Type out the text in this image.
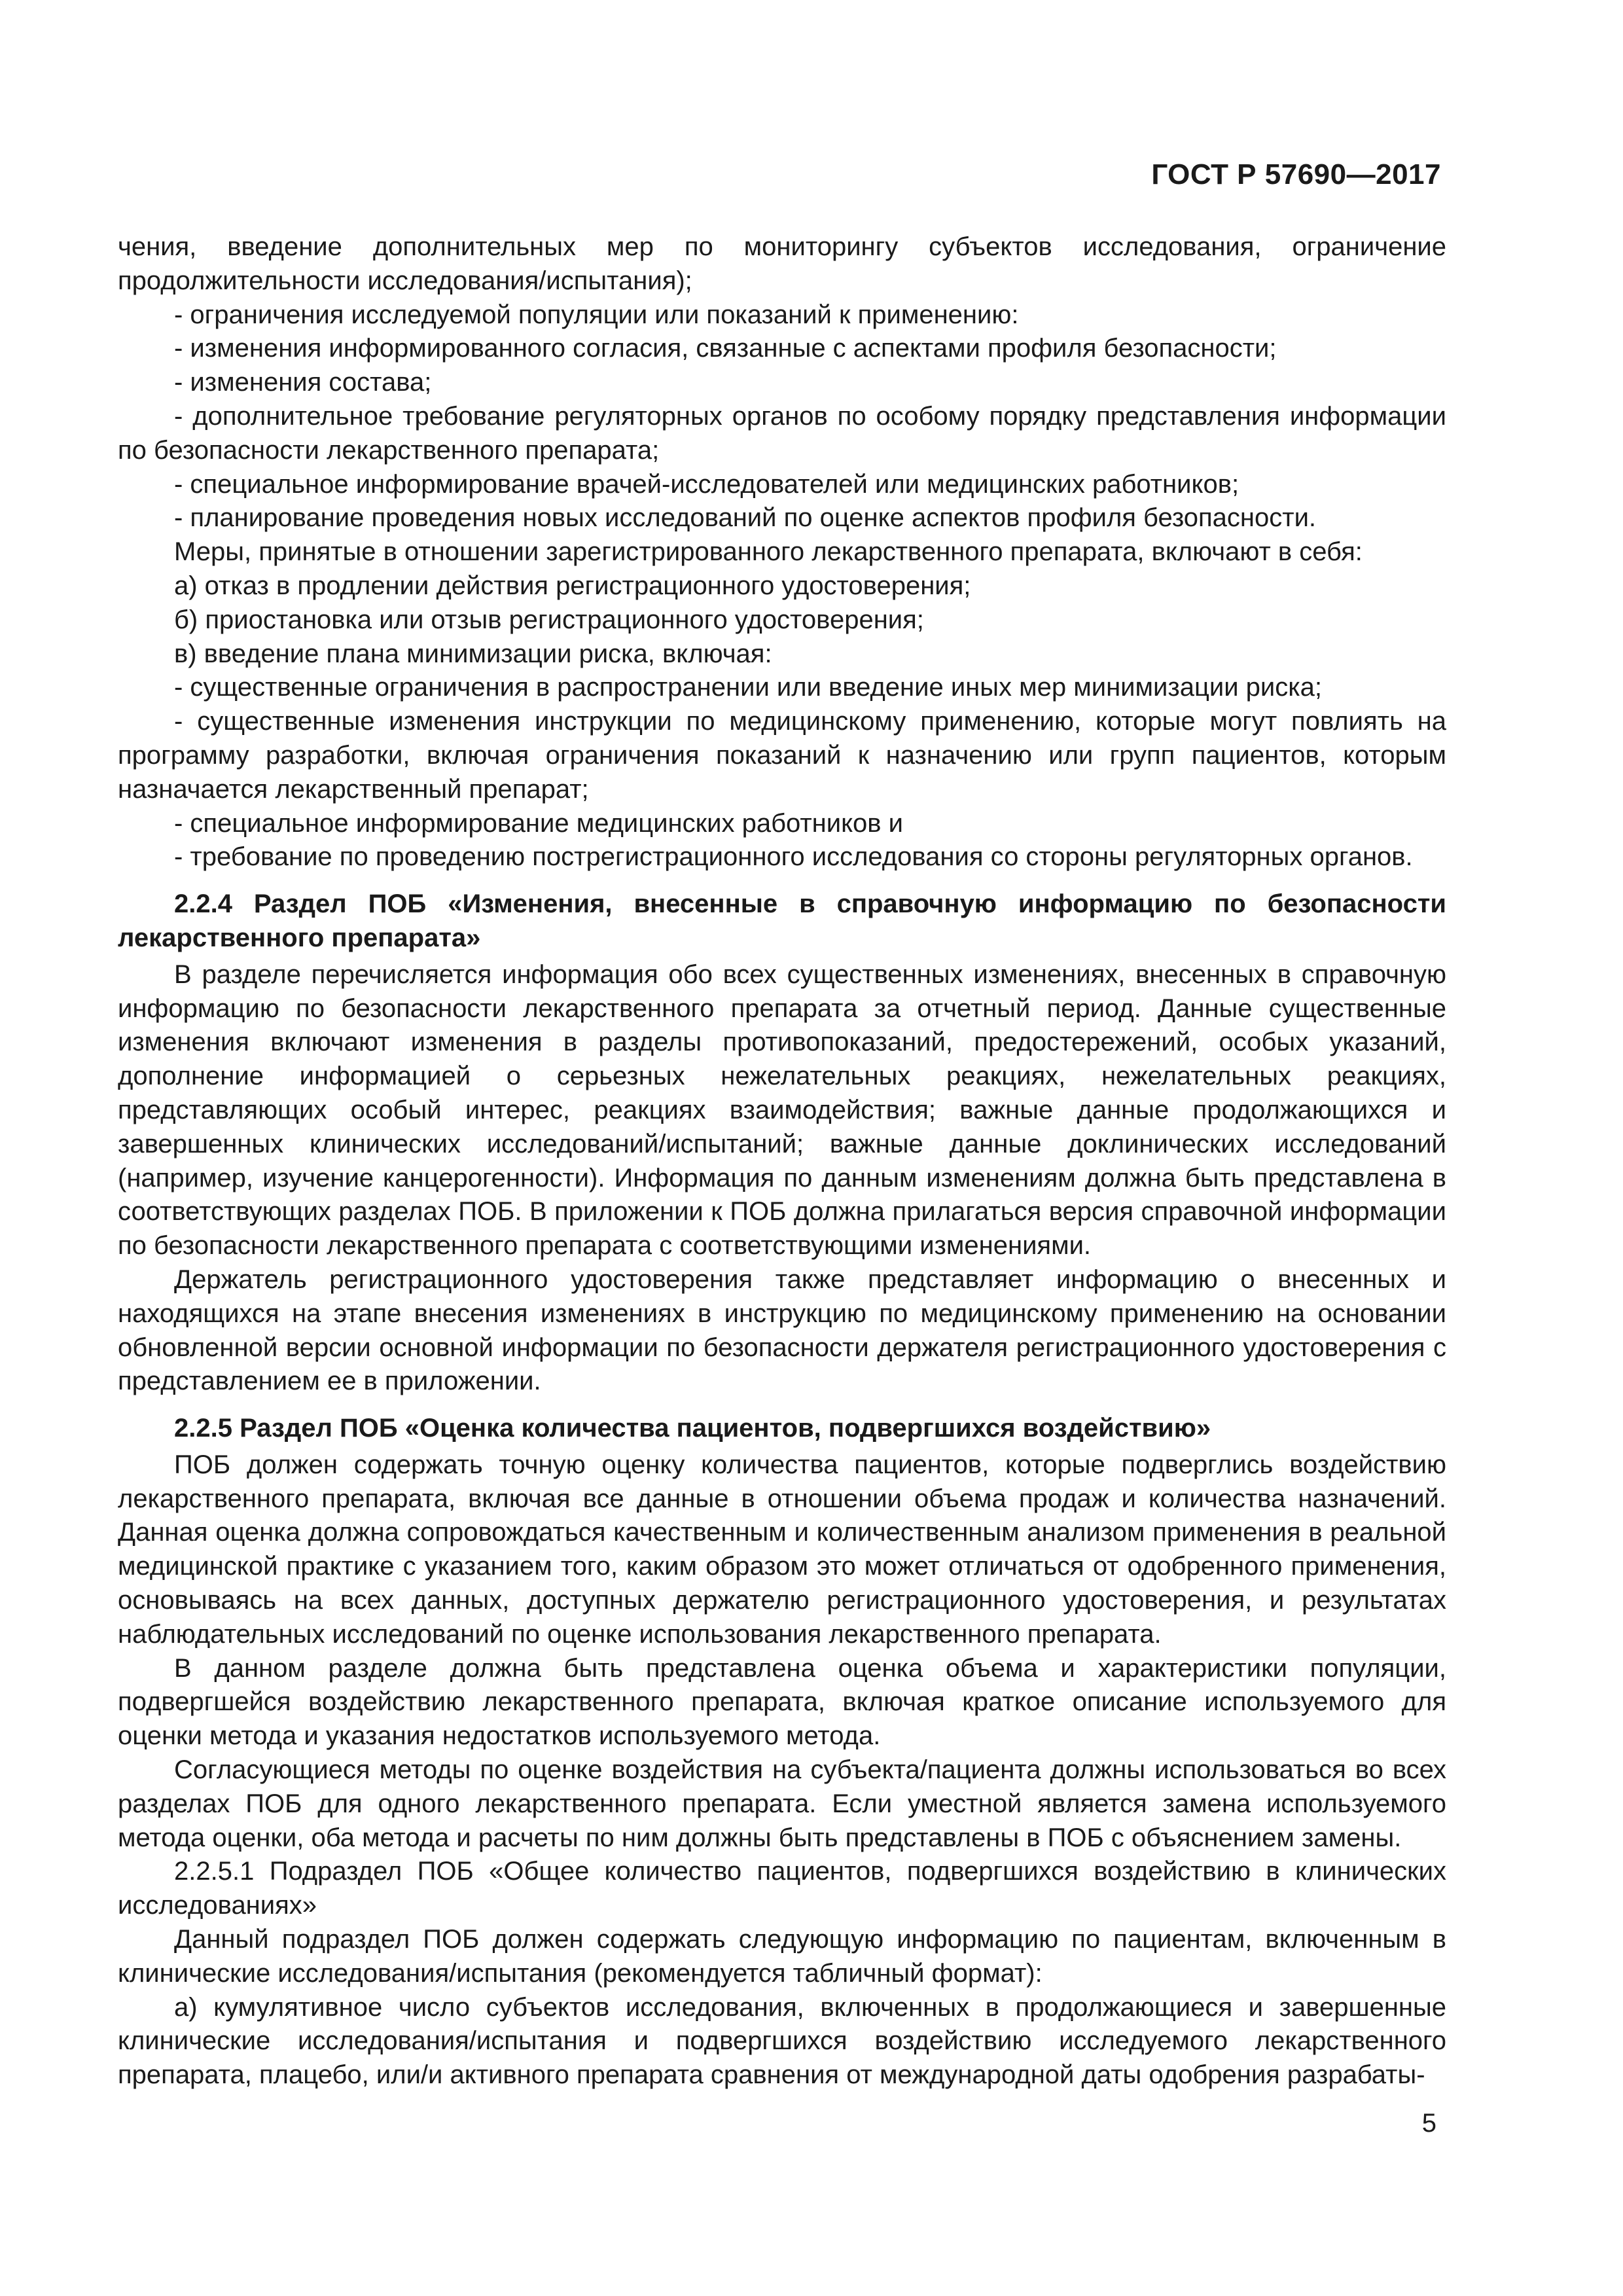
ГОСТ Р 57690—2017

чения, введение дополнительных мер по мониторингу субъектов исследования, ограничение продолжительности исследования/испытания);

- ограничения исследуемой популяции или показаний к применению:

- изменения информированного согласия, связанные с аспектами профиля безопасности;

- изменения состава;

- дополнительное требование регуляторных органов по особому порядку представления информации по безопасности лекарственного препарата;

- специальное информирование врачей-исследователей или медицинских работников;

- планирование проведения новых исследований по оценке аспектов профиля безопасности.

Меры, принятые в отношении зарегистрированного лекарственного препарата, включают в себя:

а) отказ в продлении действия регистрационного удостоверения;

б) приостановка или отзыв регистрационного удостоверения;

в) введение плана минимизации риска, включая:

- существенные ограничения в распространении или введение иных мер минимизации риска;

- существенные изменения инструкции по медицинскому применению, которые могут повлиять на программу разработки, включая ограничения показаний к назначению или групп пациентов, которым назначается лекарственный препарат;

- специальное информирование медицинских работников и

- требование по проведению пострегистрационного исследования со стороны регуляторных органов.

2.2.4 Раздел ПОБ «Изменения, внесенные в справочную информацию по безопасности лекарственного препарата»

В разделе перечисляется информация обо всех существенных изменениях, внесенных в справочную информацию по безопасности лекарственного препарата за отчетный период. Данные существенные изменения включают изменения в разделы противопоказаний, предостережений, особых указаний, дополнение информацией о серьезных нежелательных реакциях, нежелательных реакциях, представляющих особый интерес, реакциях взаимодействия; важные данные продолжающихся и завершенных клинических исследований/испытаний; важные данные доклинических исследований (например, изучение канцерогенности). Информация по данным изменениям должна быть представлена в соответствующих разделах ПОБ. В приложении к ПОБ должна прилагаться версия справочной информации по безопасности лекарственного препарата с соответствующими изменениями.

Держатель регистрационного удостоверения также представляет информацию о внесенных и находящихся на этапе внесения изменениях в инструкцию по медицинскому применению на основании обновленной версии основной информации по безопасности держателя регистрационного удостоверения с представлением ее в приложении.

2.2.5 Раздел ПОБ «Оценка количества пациентов, подвергшихся воздействию»

ПОБ должен содержать точную оценку количества пациентов, которые подверглись воздействию лекарственного препарата, включая все данные в отношении объема продаж и количества назначений. Данная оценка должна сопровождаться качественным и количественным анализом применения в реальной медицинской практике с указанием того, каким образом это может отличаться от одобренного применения, основываясь на всех данных, доступных держателю регистрационного удостоверения, и результатах наблюдательных исследований по оценке использования лекарственного препарата.

В данном разделе должна быть представлена оценка объема и характеристики популяции, подвергшейся воздействию лекарственного препарата, включая краткое описание используемого для оценки метода и указания недостатков используемого метода.

Согласующиеся методы по оценке воздействия на субъекта/пациента должны использоваться во всех разделах ПОБ для одного лекарственного препарата. Если уместной является замена используемого метода оценки, оба метода и расчеты по ним должны быть представлены в ПОБ с объяснением замены.

2.2.5.1 Подраздел ПОБ «Общее количество пациентов, подвергшихся воздействию в клинических исследованиях»

Данный подраздел ПОБ должен содержать следующую информацию по пациентам, включенным в клинические исследования/испытания (рекомендуется табличный формат):

а) кумулятивное число субъектов исследования, включенных в продолжающиеся и завершенные клинические исследования/испытания и подвергшихся воздействию исследуемого лекарственного препарата, плацебо, или/и активного препарата сравнения от международной даты одобрения разрабаты-

5
